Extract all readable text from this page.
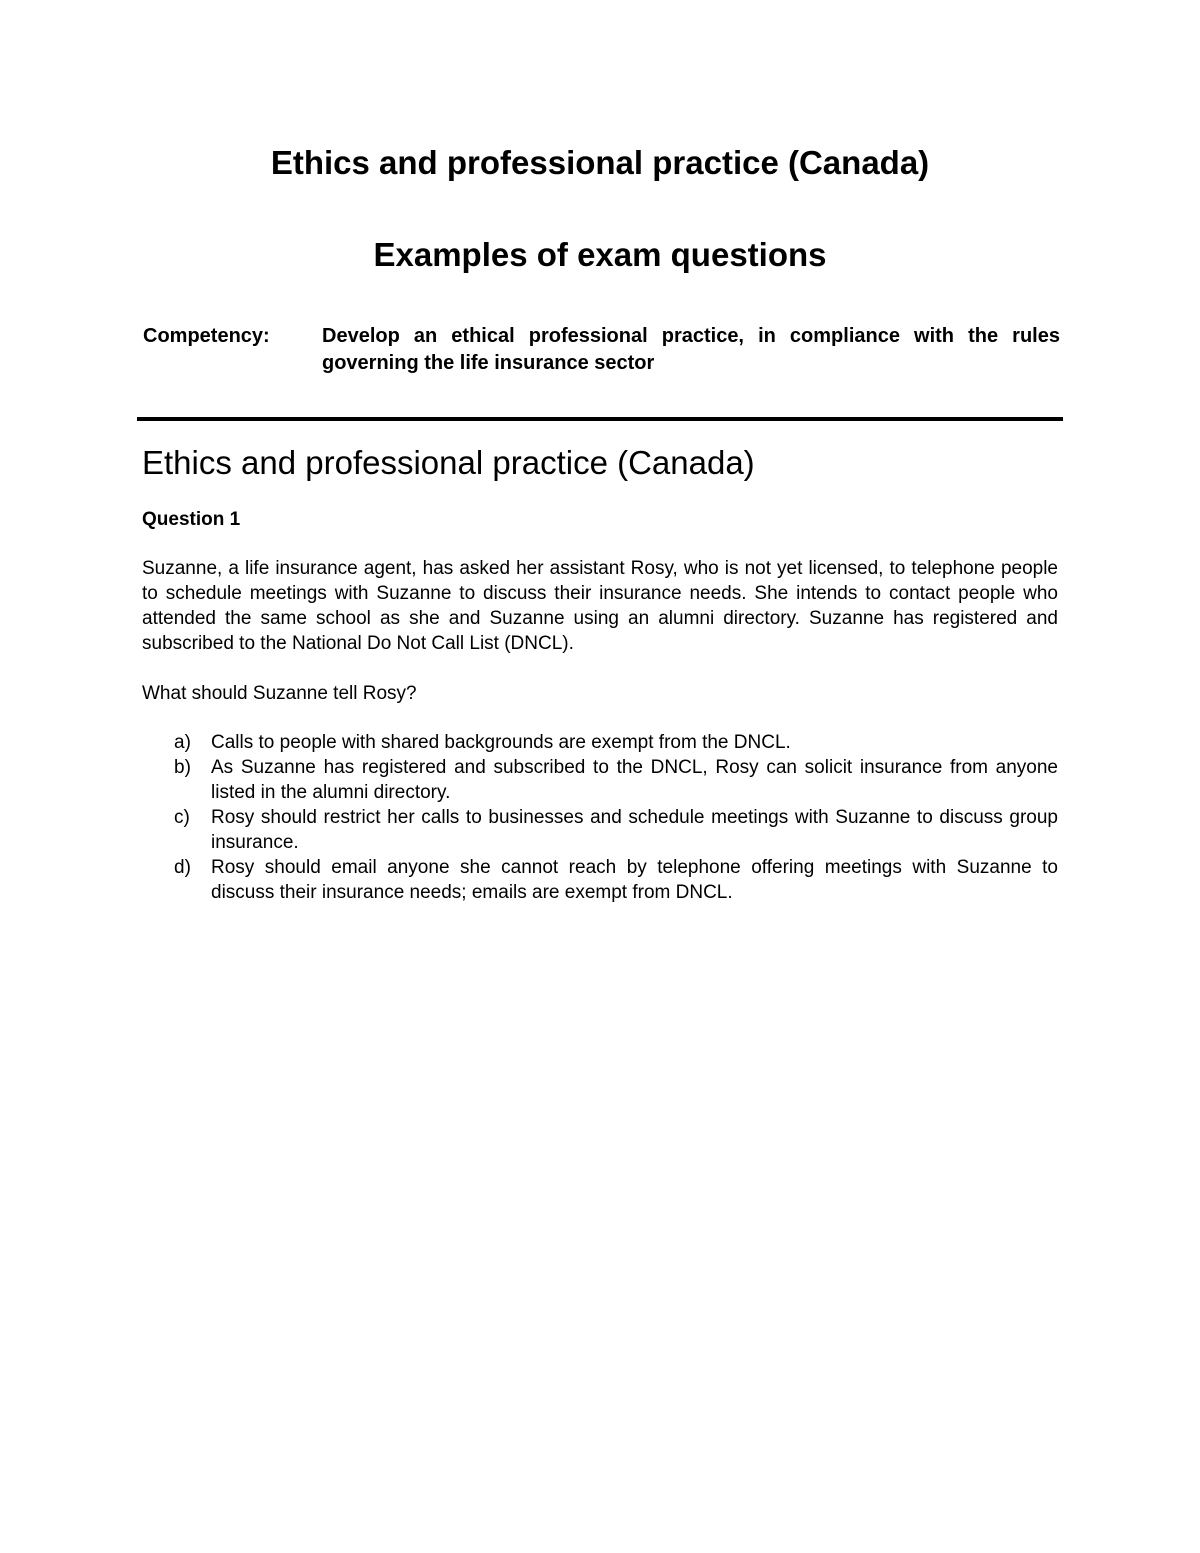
Ethics and professional practice (Canada)
Examples of exam questions
Competency:	Develop an ethical professional practice, in compliance with the rules governing the life insurance sector
Ethics and professional practice (Canada)
Question 1

Suzanne, a life insurance agent, has asked her assistant Rosy, who is not yet licensed, to telephone people to schedule meetings with Suzanne to discuss their insurance needs. She intends to contact people who attended the same school as she and Suzanne using an alumni directory. Suzanne has registered and subscribed to the National Do Not Call List (DNCL).

What should Suzanne tell Rosy?

a)	Calls to people with shared backgrounds are exempt from the DNCL.
b)	As Suzanne has registered and subscribed to the DNCL, Rosy can solicit insurance from anyone listed in the alumni directory.
c)	Rosy should restrict her calls to businesses and schedule meetings with Suzanne to discuss group insurance.
d)	Rosy should email anyone she cannot reach by telephone offering meetings with Suzanne to discuss their insurance needs; emails are exempt from DNCL.
